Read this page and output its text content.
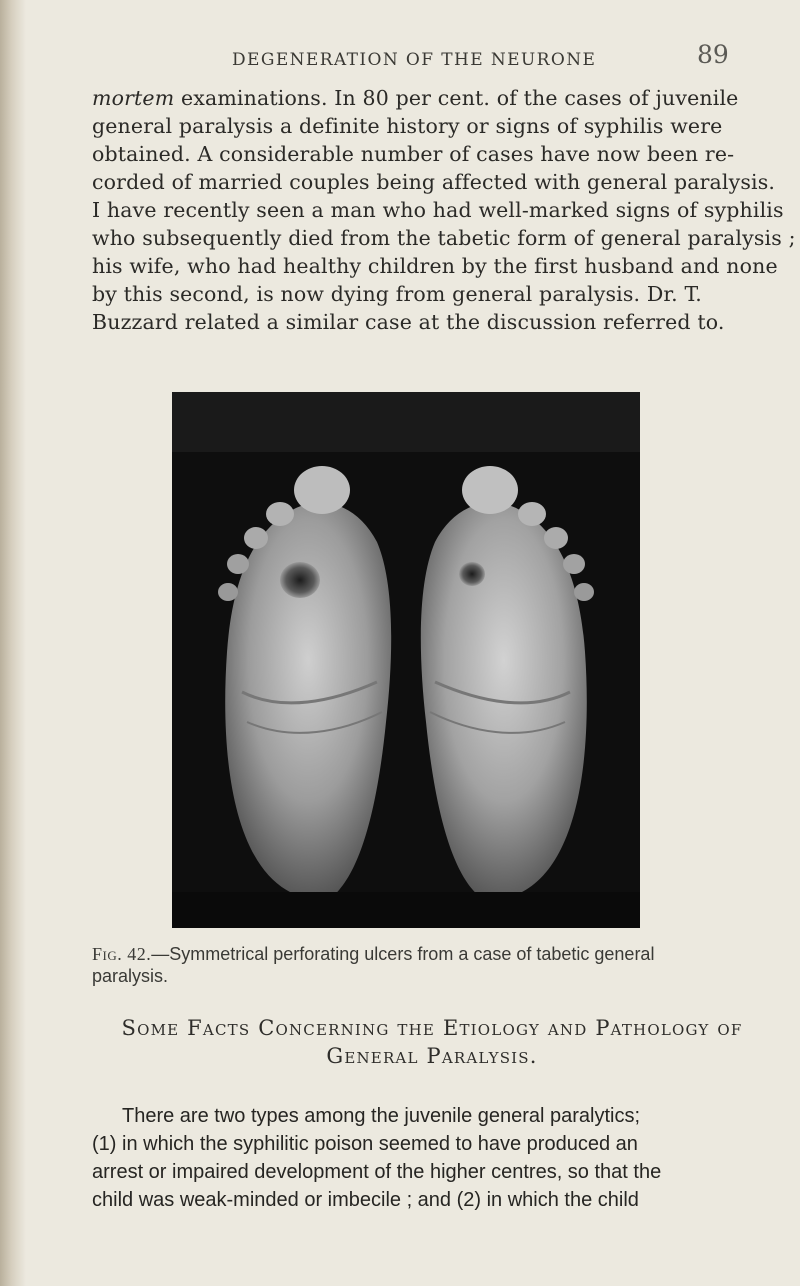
DEGENERATION OF THE NEURONE	89
mortem examinations. In 80 per cent. of the cases of juvenile
general paralysis a definite history or signs of syphilis were
obtained. A considerable number of cases have now been re-
corded of married couples being affected with general paralysis.
I have recently seen a man who had well-marked signs of syphilis
who subsequently died from the tabetic form of general paralysis ;
his wife, who had healthy children by the first husband and none
by this second, is now dying from general paralysis. Dr. T.
Buzzard related a similar case at the discussion referred to.
Fig. 42.—Symmetrical perforating ulcers from a case of tabetic general
paralysis.
Some Facts Concerning the Etiology and Pathology of
General Paralysis.
There are two types among the juvenile general paralytics;
(1) in which the syphilitic poison seemed to have produced an
arrest or impaired development of the higher centres, so that the
child was weak-minded or imbecile ; and (2) in which the child
